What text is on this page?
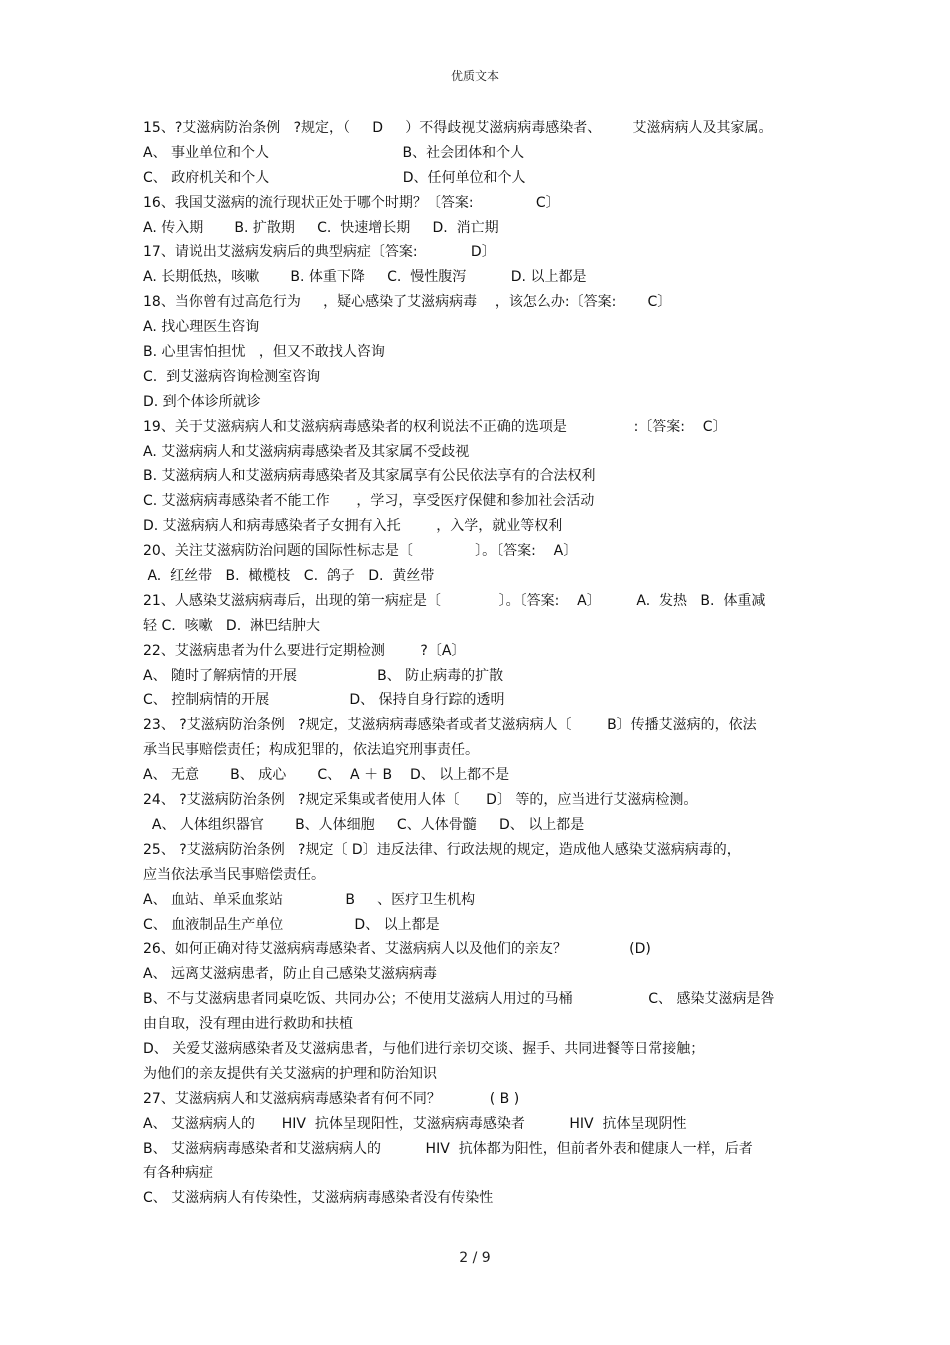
优质文本
15、?艾滋病防治条例   ?规定，（     D     ）不得歧视艾滋病病毒感染者、       艾滋病病人及其家属。
A、 事业单位和个人                              B、社会团体和个人
C、 政府机关和个人                              D、任何单位和个人
16、我国艾滋病的流行现状正处于哪个时期？〔答案:              C〕
A. 传入期       B. 扩散期     C.  快速增长期     D.  消亡期
17、请说出艾滋病发病后的典型病症〔答案:            D〕
A. 长期低热，咳嗽       B. 体重下降     C.  慢性腹泻          D. 以上都是
18、当你曾有过高危行为     ，疑心感染了艾滋病病毒    ，该怎么办:〔答案:       C〕
A. 找心理医生咨询
B. 心里害怕担忧   ，但又不敢找人咨询
C.  到艾滋病咨询检测室咨询
D. 到个体诊所就诊
19、关于艾滋病病人和艾滋病病毒感染者的权利说法不正确的选项是               :〔答案:    C〕
A. 艾滋病病人和艾滋病病毒感染者及其家属不受歧视
B. 艾滋病病人和艾滋病病毒感染者及其家属享有公民依法享有的合法权利
C. 艾滋病病毒感染者不能工作      ，学习，享受医疗保健和参加社会活动
D. 艾滋病病人和病毒感染者子女拥有入托        ，入学，就业等权利
20、关注艾滋病防治问题的国际性标志是〔              〕。〔答案:    A〕
A.  红丝带   B.  橄榄枝   C.  鸽子   D.  黄丝带
21、人感染艾滋病病毒后，出现的第一病症是〔             〕。〔答案:    A〕        A.  发热   B.  体重减
轻 C.  咳嗽   D.  淋巴结肿大
22、艾滋病患者为什么要进行定期检测        ?〔A〕
A、 随时了解病情的开展                  B、 防止病毒的扩散
C、 控制病情的开展                  D、 保持自身行踪的透明
23、 ?艾滋病防治条例   ?规定，艾滋病病毒感染者或者艾滋病病人〔        B〕传播艾滋病的，依法
承当民事赔偿责任；构成犯罪的，依法追究刑事责任。
A、 无意       B、 成心       C、  A ＋ B    D、 以上都不是
24、 ?艾滋病防治条例   ?规定采集或者使用人体〔      D〕 等的，应当进行艾滋病检测。
A、 人体组织器官       B、人体细胞     C、人体骨髓     D、 以上都是
25、 ?艾滋病防治条例   ?规定〔 D〕违反法律、行政法规的规定，造成他人感染艾滋病病毒的，
应当依法承当民事赔偿责任。
A、 血站、单采血浆站              B     、医疗卫生机构
C、 血液制品生产单位                D、 以上都是
26、如何正确对待艾滋病病毒感染者、艾滋病病人以及他们的亲友？              (D)
A、 远离艾滋病患者，防止自己感染艾滋病病毒
B、不与艾滋病患者同桌吃饭、共同办公；不使用艾滋病人用过的马桶                 C、 感染艾滋病是咎
由自取，没有理由进行救助和扶植
D、 关爱艾滋病感染者及艾滋病患者，与他们进行亲切交谈、握手、共同进餐等日常接触；
为他们的亲友提供有关艾滋病的护理和防治知识
27、艾滋病病人和艾滋病病毒感染者有何不同？           ( B )
A、 艾滋病病人的      HIV  抗体呈现阳性，艾滋病病毒感染者          HIV  抗体呈现阴性
B、 艾滋病病毒感染者和艾滋病病人的          HIV  抗体都为阳性，但前者外表和健康人一样，后者
有各种病症
C、 艾滋病病人有传染性，艾滋病病毒感染者没有传染性
2 / 9
